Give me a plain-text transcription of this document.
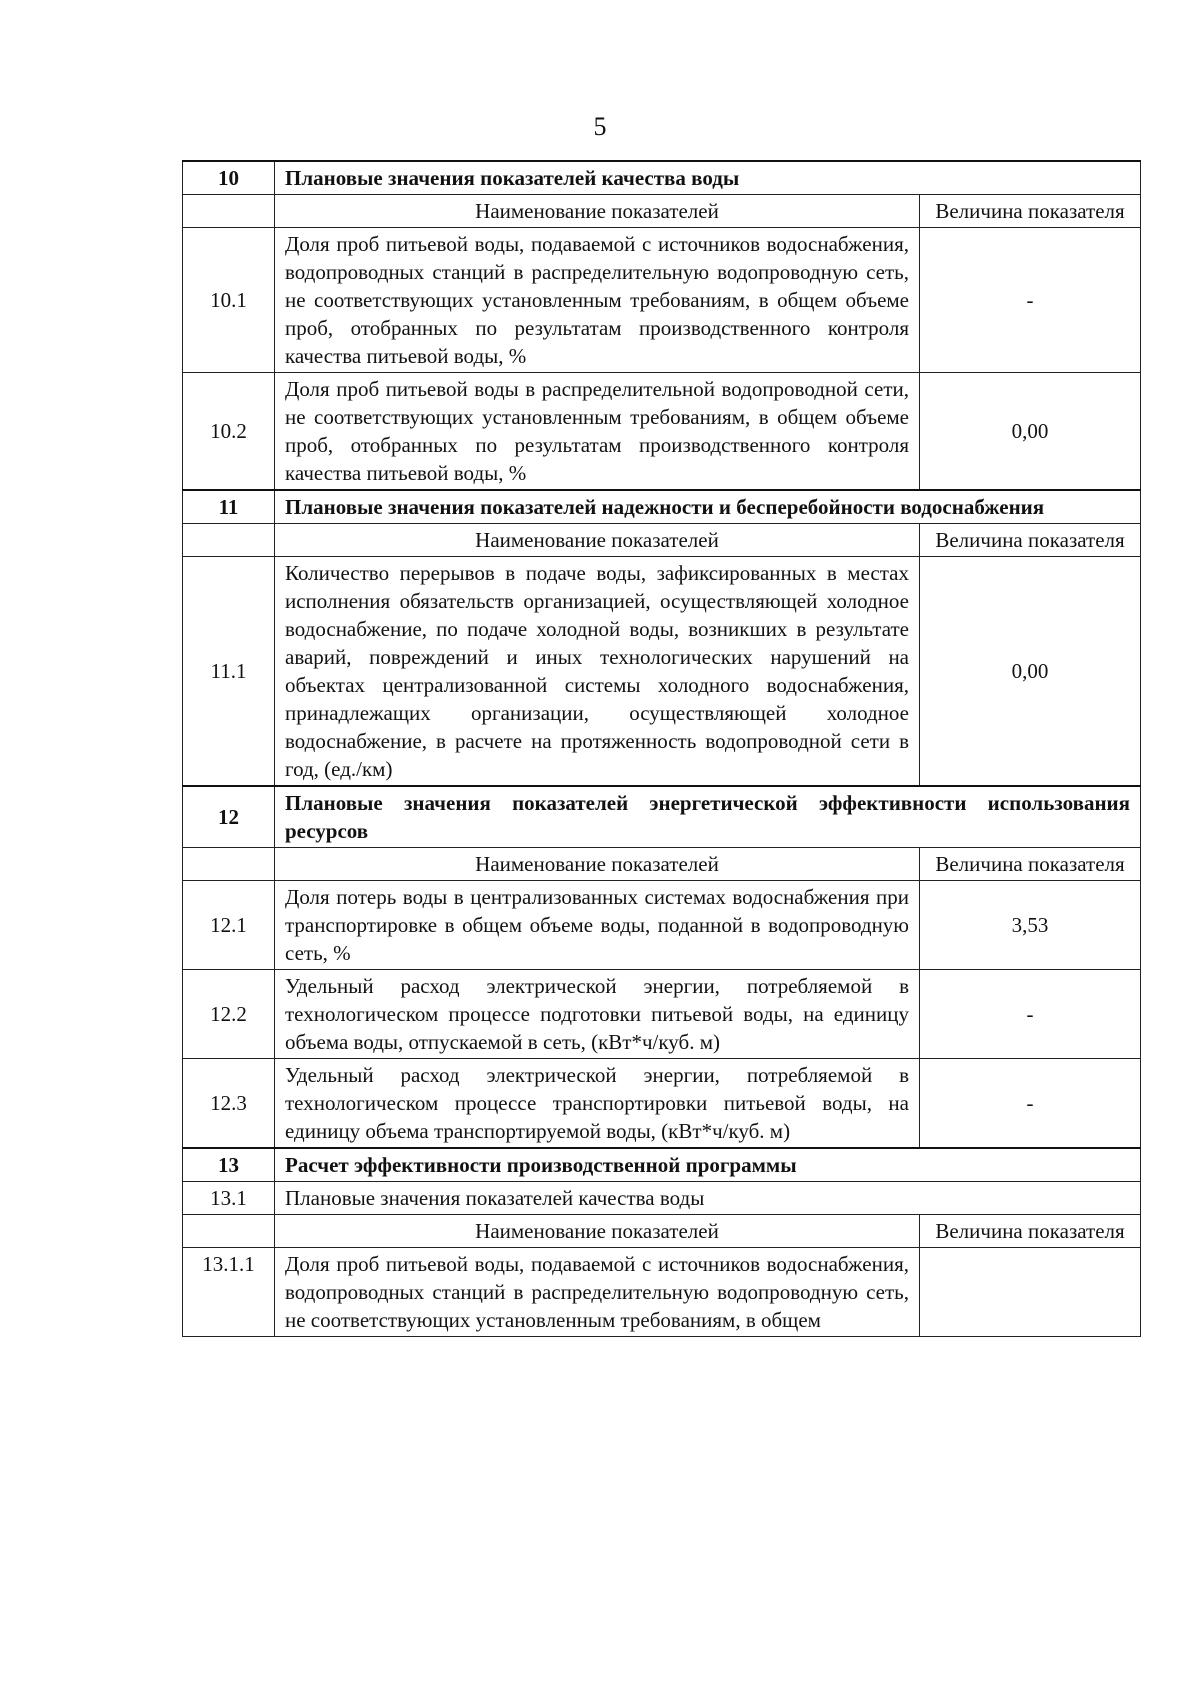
5
10	Плановые значения показателей качества воды	
	Наименование показателей	Величина показателя
10.1	Доля проб питьевой воды, подаваемой с источников водоснабжения, водопроводных станций в распределительную водопроводную сеть, не соответствующих установленным требованиям, в общем объеме проб, отобранных по результатам производственного контроля качества питьевой воды, %	-
10.2	Доля проб питьевой воды в распределительной водопроводной сети, не соответствующих установленным требованиям, в общем объеме проб, отобранных по результатам производственного контроля качества питьевой воды, %	0,00
11	Плановые значения показателей надежности и бесперебойности водоснабжения	
	Наименование показателей	Величина показателя
11.1	Количество перерывов в подаче воды, зафиксированных в местах исполнения обязательств организацией, осуществляющей холодное водоснабжение, по подаче холодной воды, возникших в результате аварий, повреждений и иных технологических нарушений на объектах централизованной системы холодного водоснабжения, принадлежащих организации, осуществляющей холодное водоснабжение, в расчете на протяженность водопроводной сети в год, (ед./км)	0,00
12	Плановые значения показателей энергетической эффективности использования ресурсов	
	Наименование показателей	Величина показателя
12.1	Доля потерь воды в централизованных системах водоснабжения при транспортировке в общем объеме воды, поданной в водопроводную сеть, %	3,53
12.2	Удельный расход электрической энергии, потребляемой в технологическом процессе подготовки питьевой воды, на единицу объема воды, отпускаемой в сеть, (кВт*ч/куб. м)	-
12.3	Удельный расход электрической энергии, потребляемой в технологическом процессе транспортировки питьевой воды, на единицу объема транспортируемой воды, (кВт*ч/куб. м)	-
13	Расчет эффективности производственной программы	
13.1	Плановые значения показателей качества воды	
	Наименование показателей	Величина показателя
13.1.1	Доля проб питьевой воды, подаваемой с источников водоснабжения, водопроводных станций в распределительную водопроводную сеть, не соответствующих установленным требованиям, в общем	
